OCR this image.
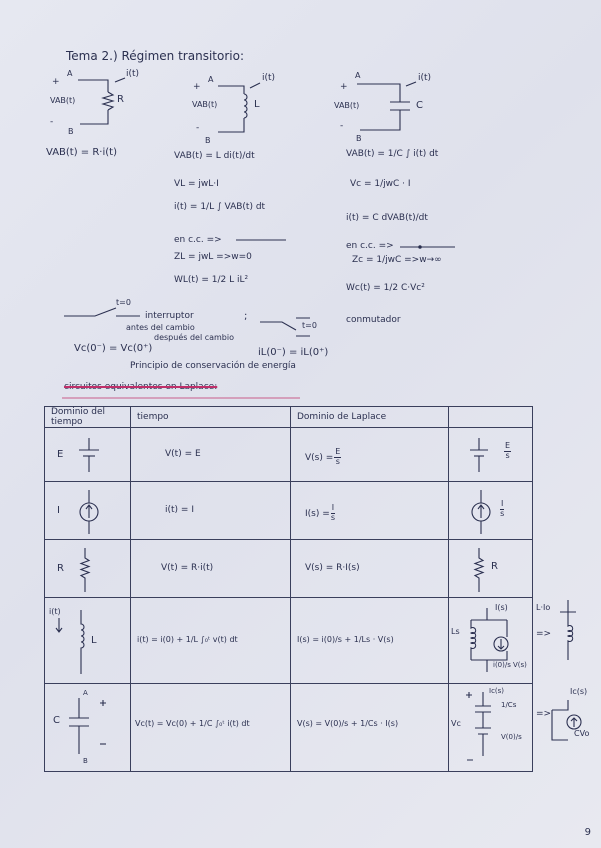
Tema 2.) Régimen transitorio:
A
+
i(t)
VAB(t)	R
-
B
VAB(t) = R·i(t)
A
+
i(t)
VAB(t)	L
-
B
VAB(t) = L di(t)/dt
VL = jwL·I
i(t) = 1/L ∫ VAB(t) dt
en c.c. =>
ZL = jwL =>w=0
WL(t) = 1/2 L iL²
A
+
i(t)
VAB(t)	C
-
B
VAB(t) = 1/C ∫ i(t) dt
Vc = 1/jwC · I
i(t) = C dVAB(t)/dt
en c.c. =>
Zc = 1/jwC =>w→∞
Wc(t) = 1/2 C·Vc²
t=0
interruptor	;
t=0
conmutador
antes del cambio
después del cambio
Vc(0⁻) = Vc(0⁺)	iL(0⁻) = iL(0⁺)
Principio de conservación de energía
circuitos equivalentes en Laplace:
Dominio del tiempo	tiempo	Dominio de Laplace	

E	V(t) = E	$V(s) = \frac{E}{s}$	$\frac{E}{s}$

I	i(t) = I	$I(s) = \frac{I}{s}$	$\frac{I}{s}$

R	V(t) = R·i(t)	V(s) = R·I(s)	R

i(t)
L	i(t) = i(0) + 1/L ∫₀ᵗ v(t) dt	I(s) = i(0)/s + 1/Ls · V(s)	I(s)
Ls
i(0)/s V(s)

C
A
B	Vc(t) = Vc(0) + 1/C ∫₀ᵗ i(t) dt	V(s) = V(0)/s + 1/Cs · I(s)	Vc
Ic(s)
1/Cs
V(0)/s
L·Io
=>
Ic(s)
=>
CVo
9
